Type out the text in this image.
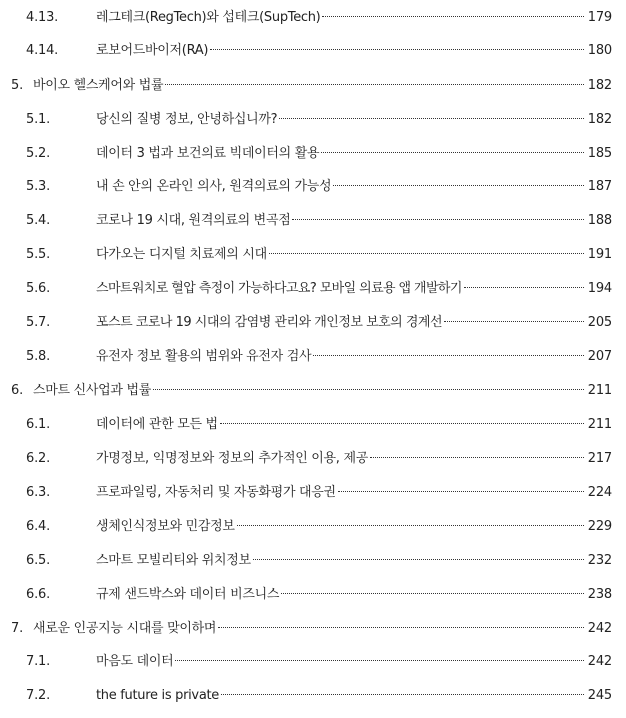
4.13.	레그테크(RegTech)와 섭테크(SupTech)	179
4.14.	로보어드바이저(RA)	180
5. 바이오 헬스케어와 법률	182
5.1.	당신의 질병 정보, 안녕하십니까?	182
5.2.	데이터 3 법과 보건의료 빅데이터의 활용	185
5.3.	내 손 안의 온라인 의사, 원격의료의 가능성	187
5.4.	코로나 19 시대, 원격의료의 변곡점	188
5.5.	다가오는 디지털 치료제의 시대	191
5.6.	스마트워치로 혈압 측정이 가능하다고요? 모바일 의료용 앱 개발하기	194
5.7.	포스트 코로나 19 시대의 감염병 관리와 개인정보 보호의 경계선	205
5.8.	유전자 정보 활용의 범위와 유전자 검사	207
6. 스마트 신사업과 법률	211
6.1.	데이터에 관한 모든 법	211
6.2.	가명정보, 익명정보와 정보의 추가적인 이용, 제공	217
6.3.	프로파일링, 자동처리 및 자동화평가 대응권	224
6.4.	생체인식정보와 민감정보	229
6.5.	스마트 모빌리티와 위치정보	232
6.6.	규제 샌드박스와 데이터 비즈니스	238
7. 새로운 인공지능 시대를 맞이하며	242
7.1.	마음도 데이터	242
7.2.	the future is private	245
